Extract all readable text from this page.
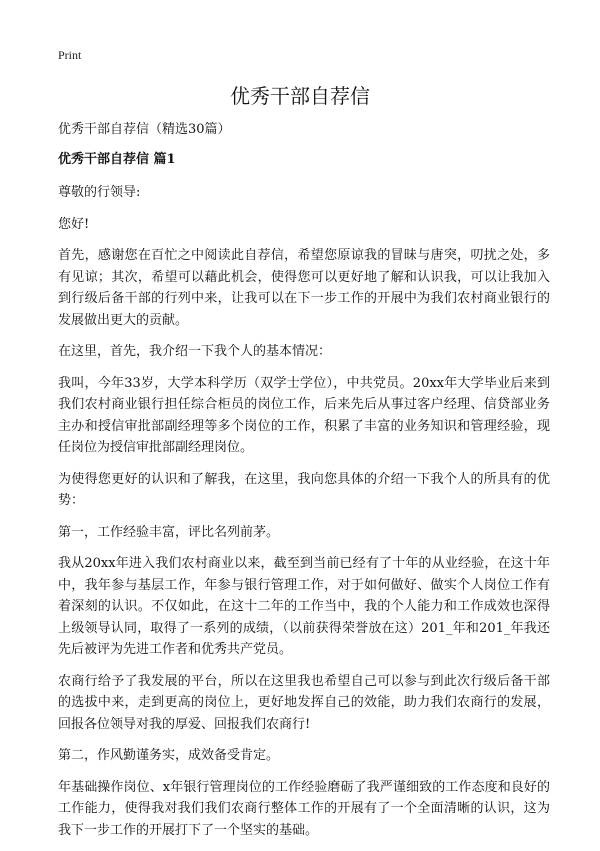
Print
优秀干部自荐信
优秀干部自荐信（精选30篇）
优秀干部自荐信 篇1

尊敬的行领导:

您好!

首先，感谢您在百忙之中阅读此自荐信，希望您原谅我的冒昧与唐突，叨扰之处，多有见谅；其次，希望可以藉此机会，使得您可以更好地了解和认识我，可以让我加入到行级后备干部的行列中来，让我可以在下一步工作的开展中为我们农村商业银行的发展做出更大的贡献。

在这里，首先，我介绍一下我个人的基本情况：

我叫，今年33岁，大学本科学历（双学士学位），中共党员。20xx年大学毕业后来到我们农村商业银行担任综合柜员的岗位工作，后来先后从事过客户经理、信贷部业务主办和授信审批部副经理等多个岗位的工作，积累了丰富的业务知识和管理经验，现任岗位为授信审批部副经理岗位。

为使得您更好的认识和了解我，在这里，我向您具体的介绍一下我个人的所具有的优势：

第一，工作经验丰富，评比名列前茅。

我从20xx年进入我们农村商业以来，截至到当前已经有了十年的从业经验，在这十年中，我年参与基层工作，年参与银行管理工作，对于如何做好、做实个人岗位工作有着深刻的认识。不仅如此，在这十二年的工作当中，我的个人能力和工作成效也深得上级领导认同，取得了一系列的成绩，（以前获得荣誉放在这）201_年和201_年我还先后被评为先进工作者和优秀共产党员。

农商行给予了我发展的平台，所以在这里我也希望自己可以参与到此次行级后备干部的选拔中来，走到更高的岗位上，更好地发挥自己的效能，助力我们农商行的发展，回报各位领导对我的厚爱、回报我们农商行!

第二，作风勤谨务实，成效备受肯定。

年基础操作岗位、x年银行管理岗位的工作经验磨砺了我严谨细致的工作态度和良好的工作能力，使得我对我们我们农商行整体工作的开展有了一个全面清晰的认识，这为我下一步工作的开展打下了一个坚实的基础。
